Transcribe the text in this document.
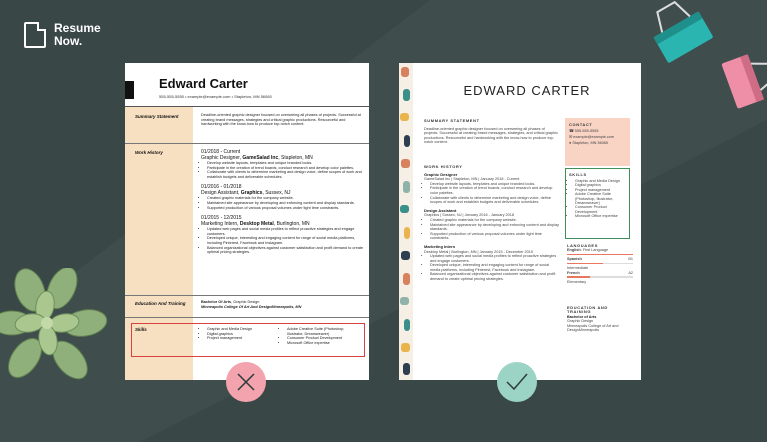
Resume
Now.
Edward Carter
555-555-5555 • example@example.com • Stapleton, MN 56065
Summary Statement	Deadline-oriented graphic designer focused on overseeing all phases of projects. Successful at creating brand messages, strategies and critical graphic productions. Resourceful and hardworking with the know-how to produce top-notch content.
Work History	01/2018 - Current
Graphic Designer, GameSalad Inc, Stapleton, MN
• Develop website layouts, templates and unique branded looks.
• Participate in the creation of trend boards, conduct research and develop color palettes.
• Collaborate with clients to determine marketing and design voice, define scopes of work and establish budgets and deliverable schedules.
01/2016 - 01/2018
Design Assistant, Graphics, Sussex, NJ
• Created graphic materials for the company website.
• Maintained site appearance by developing and enforcing content and display standards.
• Supported production of various proposal volumes under tight time constraints.
01/2015 - 12/2015
Marketing Intern, Desktop Metal, Burlington, MN
• Updated web pages and social media profiles to reflect proactive strategies and engage customers.
• Developed unique, interesting and engaging content for range of social media platforms, including Pinterest, Facebook and Instagram.
• Balanced organizational objectives against customer satisfaction and profit demand to create optimal pricing strategies.
Education And Training	Bachelor Of Arts, Graphic Design
Minneapolis College Of Art And DesignMinneapolis, MN
Skills
•	Graphic and Media Design
• Digital graphics
• Project management
• Adobe Creative Suite (Photoshop, Illustrator, Dreamweaver)
• Consumer Product Development
• Microsoft Office expertise
EDWARD CARTER
SUMMARY STATEMENT
Deadline-oriented graphic designer focused on overseeing all phases of projects. Successful at creating brand messages, strategies, and critical graphic productions. Resourceful and hardworking with the know-how to produce top-notch content.
WORK HISTORY
Graphic Designer
GameSalad Inc | Stapleton, MN | January 2018 - Current
• Develop website layouts, templates and unique branded looks.
• Participate in the creation of trend boards, conduct research and develop color palettes.
• Collaborate with clients to determine marketing and design voice, define scopes of work and establish budgets and deliverable schedules.
Design Assistant
Graphics | Sussex, NJ | January 2016 - January 2018
• Created graphic materials for the company website.
• Maintained site appearance by developing and enforcing content and display standards.
• Supported production of various proposal volumes under tight time constraints.
Marketing Intern
Desktop Metal | Burlington, MN | January 2015 - December 2015
• Updated web pages and social media profiles to reflect proactive strategies and engage customers.
• Developed unique, interesting and engaging content for range of social media platforms, including Pinterest, Facebook and Instagram.
• Balanced organizational objectives against customer satisfaction and profit demand to create optimal pricing strategies.
CONTACT
☎ 555-555-5555
✉ example@example.com
● Stapleton, MN 56065
SKILLS
• Graphic and Media Design
• Digital graphics
• Project management
• Adobe Creative Suite (Photoshop, Illustrator, Dreamweaver)
• Consumer Product Development
• Microsoft Office expertise
LANGUAGES
English: First Language
Spanish	B1
Intermediate
French	A2
Elementary
EDUCATION AND TRAINING
Bachelor of Arts
Graphic Design
Minneapolis College of Art and DesignMinneapolis
